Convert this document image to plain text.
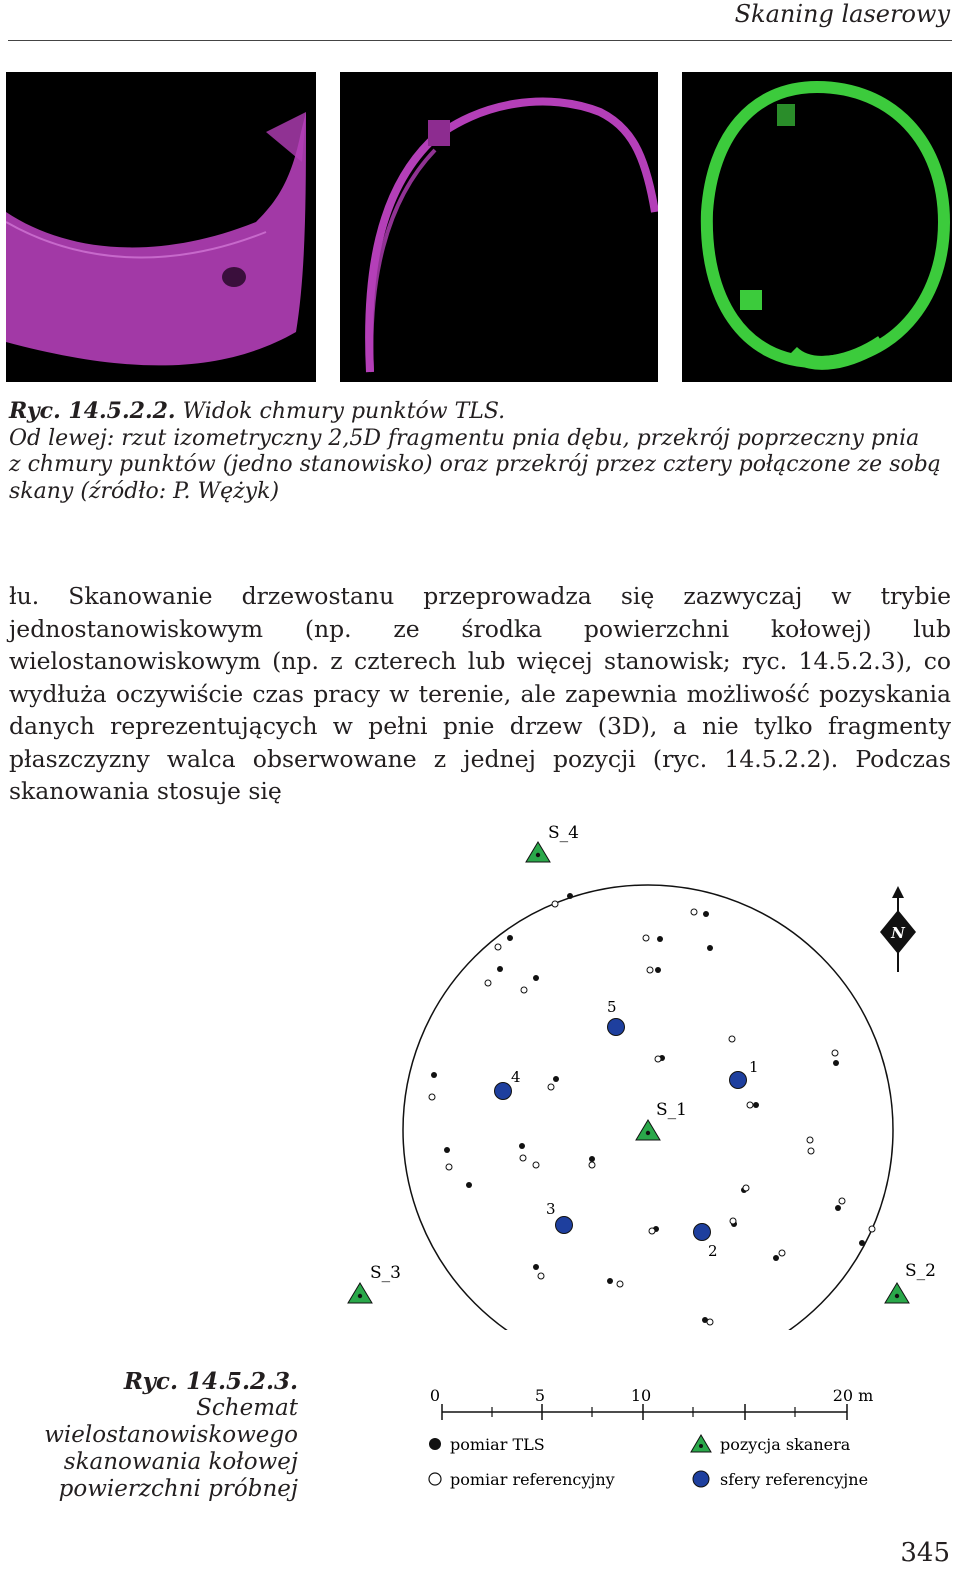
Skaning laserowy
Ryc. 14.5.2.2. Widok chmury punktów TLS.
Od lewej: rzut izometryczny 2,5D fragmentu pnia dębu, przekrój poprzeczny pnia
z chmury punktów (jedno stanowisko) oraz przekrój przez cztery połączone ze sobą
skany (źródło: P. Wężyk)

łu. Skanowanie drzewostanu przeprowadza się zazwyczaj w trybie jednostanowiskowym (np. ze środka powierzchni kołowej) lub wielostanowiskowym (np. z czterech lub więcej stanowisk; ryc. 14.5.2.3), co wydłuża oczywiście czas pracy w terenie, ale zapewnia możliwość pozyskania danych reprezentujących w pełni pnie drzew (3D), a nie tylko fragmenty płaszczyzny walca obserwowane z jednej pozycji (ryc. 14.5.2.2). Podczas skanowania stosuje się

N
S_4
S_1
S_3	S_2
1
2
3
4
5
Ryc. 14.5.2.3.
Schemat
wielostanowiskowego
skanowania kołowej
powierzchni próbnej
0	5	10	20 m
pomiar TLS
pomiar referencyjny
pozycja skanera
sfery referencyjne
345
